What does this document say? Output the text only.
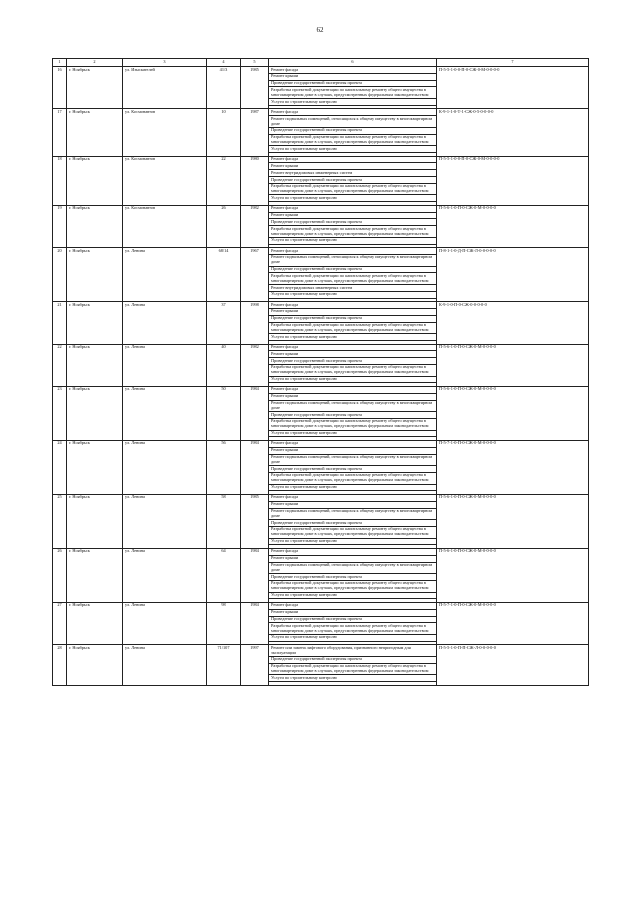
62
1	2	3	4	5	6	7
16	г. Ноябрьск	ул. Изыскателей	41/3	1985	Ремонт фасада	П-5-5-1-0-0-П-0-СЖ-0-М-0-0-0-0
					Ремонт крыши	
					Проведение государственной экспертизы проекта	
					Разработка проектной документации по капитальному ремонту общего имущества в многоквартирном доме в случаях, предусмотренных федеральным законодательством	
					Услуги по строительному контролю	

17	г. Ноябрьск	ул. Космонавтов	10	1987	Ремонт фасада	К-9-1-1-0-Т-1-СЖ-0-5-0-0-0-0
					Ремонт подвальных помещений, относящихся к общему имуществу в многоквартирном доме	
					Проведение государственной экспертизы проекта	
					Разработка проектной документации по капитальному ремонту общего имущества в многоквартирном доме в случаях, предусмотренных федеральным законодательством	
					Услуги по строительному контролю	

18	г. Ноябрьск	ул. Космонавтов	22	1980	Ремонт фасада	П-5-5-1-0-0-П-0-СЖ-0-М-0-0-0-0
					Ремонт крыши	
					Ремонт внутридомовых инженерных систем	
					Проведение государственной экспертизы проекта	
					Разработка проектной документации по капитальному ремонту общего имущества в многоквартирном доме в случаях, предусмотренных федеральным законодательством	
					Услуги по строительному контролю	

19	г. Ноябрьск	ул. Космонавтов	26	1982	Ремонт фасада	П-5-6-1-0-П-0-СЖ-0-М-0-0-0-0
					Ремонт крыши	
					Проведение государственной экспертизы проекта	
					Разработка проектной документации по капитальному ремонту общего имущества в многоквартирном доме в случаях, предусмотренных федеральным законодательством	
					Услуги по строительному контролю	

20	г. Ноябрьск	ул. Ленина	68/14	1967	Ремонт фасада	П-8-1-1-0-Д-П-СЖ-Л-0-0-0-0-0
					Ремонт подвальных помещений, относящихся к общему имуществу в многоквартирном доме	
					Проведение государственной экспертизы проекта	
					Разработка проектной документации по капитальному ремонту общего имущества в многоквартирном доме в случаях, предусмотренных федеральным законодательством	
					Ремонт внутридомовых инженерных систем	
					Услуги по строительному контролю	

21	г. Ноябрьск	ул. Ленина	37	1998	Ремонт фасада	К-9-1-0-П-0-СЖ-0-0-0-0-0
					Ремонт крыши	
					Проведение государственной экспертизы проекта	
					Разработка проектной документации по капитальному ремонту общего имущества в многоквартирном доме в случаях, предусмотренных федеральным законодательством	
					Услуги по строительному контролю	

22	г. Ноябрьск	ул. Ленина	40	1982	Ремонт фасада	П-5-6-1-0-П-0-СЖ-0-М-0-0-0-0
					Ремонт крыши	
					Проведение государственной экспертизы проекта	
					Разработка проектной документации по капитальному ремонту общего имущества в многоквартирном доме в случаях, предусмотренных федеральным законодательством	
					Услуги по строительному контролю	

23	г. Ноябрьск	ул. Ленина	50	1984	Ремонт фасада	П-5-6-1-0-П-0-СЖ-0-М-0-0-0-0
					Ремонт крыши	
					Ремонт подвальных помещений, относящихся к общему имуществу в многоквартирном доме	
					Проведение государственной экспертизы проекта	
					Разработка проектной документации по капитальному ремонту общего имущества в многоквартирном доме в случаях, предусмотренных федеральным законодательством	
					Услуги по строительному контролю	

24	г. Ноябрьск	ул. Ленина	56	1984	Ремонт фасада	П-5-7-1-0-П-0-СЖ-0-М-0-0-0-0
					Ремонт крыши	
					Ремонт подвальных помещений, относящихся к общему имуществу в многоквартирном доме	
					Проведение государственной экспертизы проекта	
					Разработка проектной документации по капитальному ремонту общего имущества в многоквартирном доме в случаях, предусмотренных федеральным законодательством	
					Услуги по строительному контролю	

25	г. Ноябрьск	ул. Ленина	58	1985	Ремонт фасада	П-5-6-1-0-П-0-СЖ-0-М-0-0-0-0
					Ремонт крыши	
					Ремонт подвальных помещений, относящихся к общему имуществу в многоквартирном доме	
					Проведение государственной экспертизы проекта	
					Разработка проектной документации по капитальному ремонту общего имущества в многоквартирном доме в случаях, предусмотренных федеральным законодательством	
					Услуги по строительному контролю	

26	г. Ноябрьск	ул. Ленина	64	1984	Ремонт фасада	П-5-6-1-0-П-0-СЖ-0-М-0-0-0-0
					Ремонт крыши	
					Ремонт подвальных помещений, относящихся к общему имуществу в многоквартирном доме	
					Проведение государственной экспертизы проекта	
					Разработка проектной документации по капитальному ремонту общего имущества в многоквартирном доме в случаях, предусмотренных федеральным законодательством	
					Услуги по строительному контролю	

27	г. Ноябрьск	ул. Ленина	98	1984	Ремонт фасада	П-5-7-1-0-П-0-СЖ-0-М-0-0-0-0
					Ремонт крыши	
					Проведение государственной экспертизы проекта	
					Разработка проектной документации по капитальному ремонту общего имущества в многоквартирном доме в случаях, предусмотренных федеральным законодательством	
					Услуги по строительному контролю	

28	г. Ноябрьск	ул. Ленина	71/107	1997	Ремонт или замена лифтового оборудования, признанного непригодным для эксплуатации	П-5-5-1-0-П-П-СЖ-Л-0-0-0-0-0
					Проведение государственной экспертизы проекта	
					Разработка проектной документации по капитальному ремонту общего имущества в многоквартирном доме в случаях, предусмотренных федеральным законодательством	
					Услуги по строительному контролю	
